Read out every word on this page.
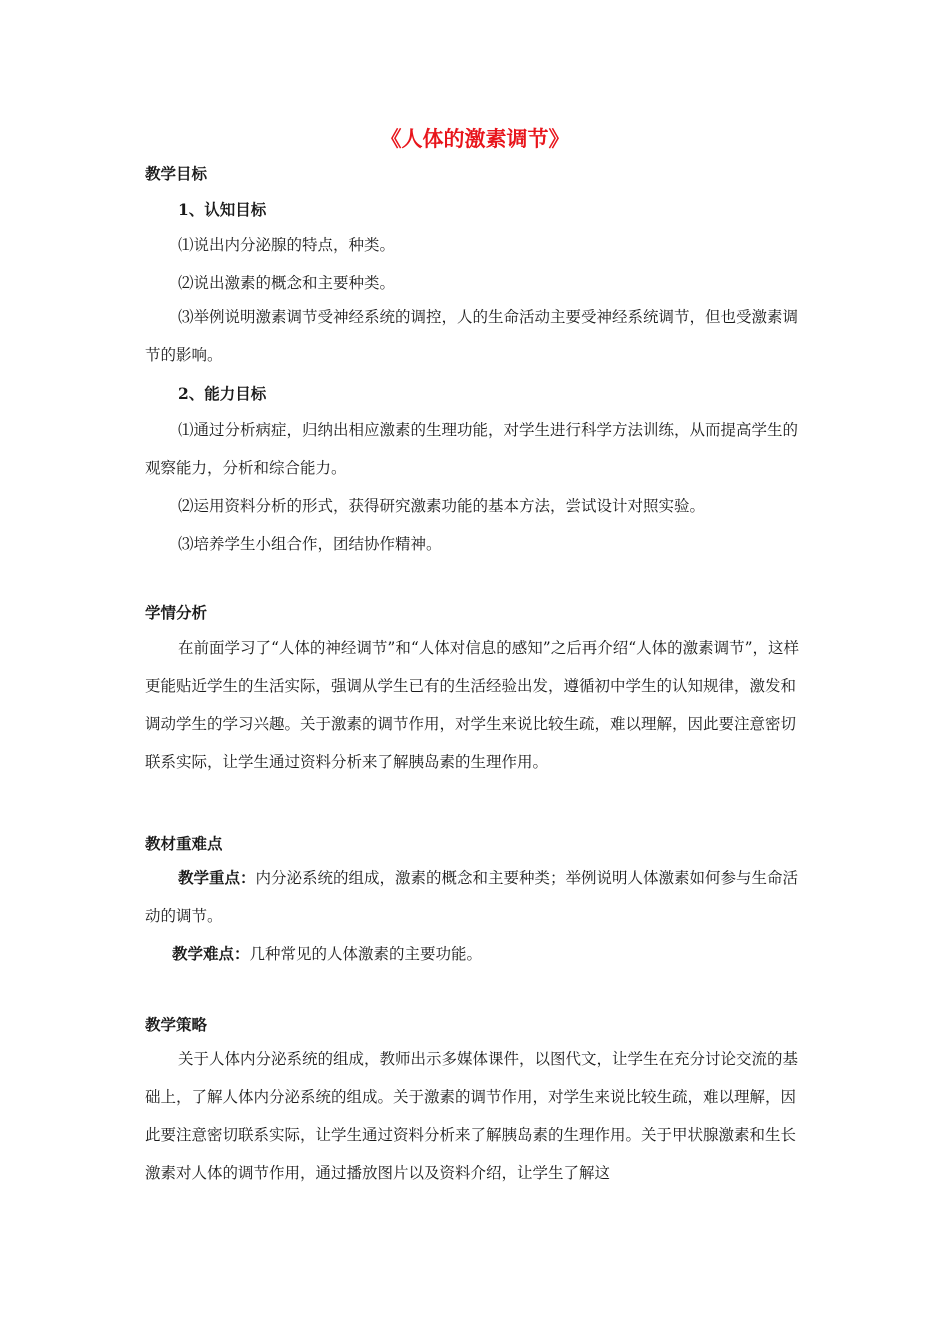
《人体的激素调节》
教学目标
1、认知目标
⑴说出内分泌腺的特点，种类。
⑵说出激素的概念和主要种类。
⑶举例说明激素调节受神经系统的调控，人的生命活动主要受神经系统调节，但也受激素调节的影响。
2、能力目标
⑴通过分析病症，归纳出相应激素的生理功能，对学生进行科学方法训练，从而提高学生的观察能力，分析和综合能力。
⑵运用资料分析的形式，获得研究激素功能的基本方法，尝试设计对照实验。
⑶培养学生小组合作，团结协作精神。
学情分析
在前面学习了“人体的神经调节”和“人体对信息的感知”之后再介绍“人体的激素调节”，这样更能贴近学生的生活实际，强调从学生已有的生活经验出发，遵循初中学生的认知规律，激发和调动学生的学习兴趣。关于激素的调节作用，对学生来说比较生疏，难以理解，因此要注意密切联系实际，让学生通过资料分析来了解胰岛素的生理作用。
教材重难点
教学重点：内分泌系统的组成，激素的概念和主要种类；举例说明人体激素如何参与生命活动的调节。
教学难点：几种常见的人体激素的主要功能。
教学策略
关于人体内分泌系统的组成，教师出示多媒体课件，以图代文，让学生在充分讨论交流的基础上，了解人体内分泌系统的组成。关于激素的调节作用，对学生来说比较生疏，难以理解，因此要注意密切联系实际，让学生通过资料分析来了解胰岛素的生理作用。关于甲状腺激素和生长激素对人体的调节作用，通过播放图片以及资料介绍，让学生了解这
